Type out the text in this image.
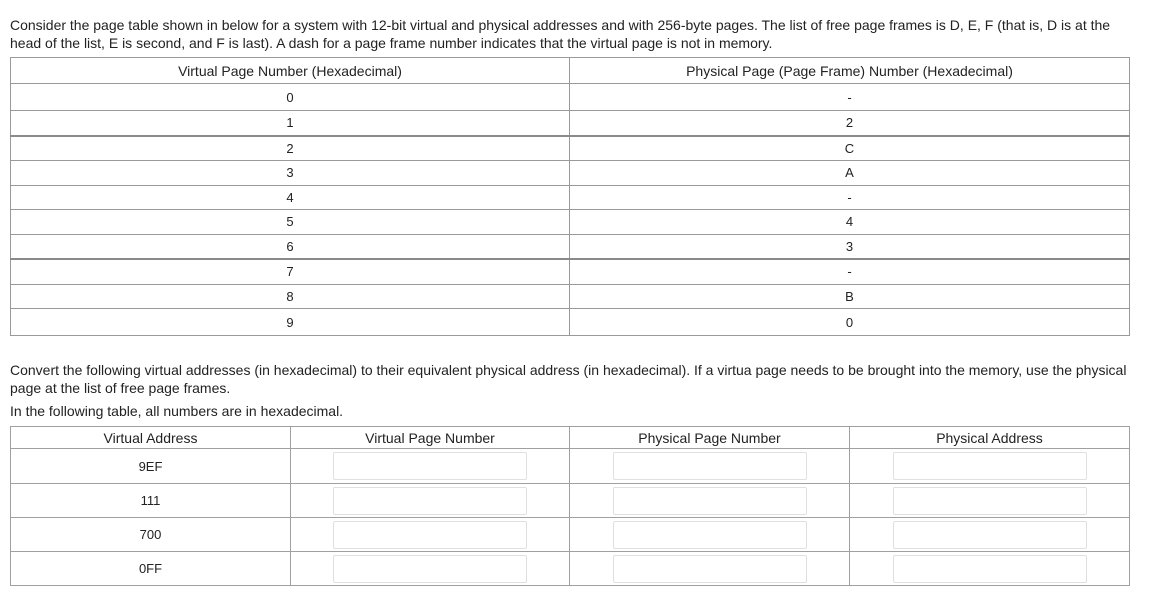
Consider the page table shown in below for a system with 12-bit virtual and physical addresses and with 256-byte pages. The list of free page frames is D, E, F (that is, D is at the head of the list, E is second, and F is last). A dash for a page frame number indicates that the virtual page is not in memory.

Virtual Page Number (Hexadecimal)	Physical Page (Page Frame) Number (Hexadecimal)
0	-
1	2
2	C
3	A
4	-
5	4
6	3
7	-
8	B
9	0

Convert the following virtual addresses (in hexadecimal) to their equivalent physical address (in hexadecimal). If a virtua page needs to be brought into the memory, use the physical page at the list of free page frames.

In the following table, all numbers are in hexadecimal.

Virtual Address	Virtual Page Number	Physical Page Number	Physical Address
9EF	

111	

700	

0FF	
